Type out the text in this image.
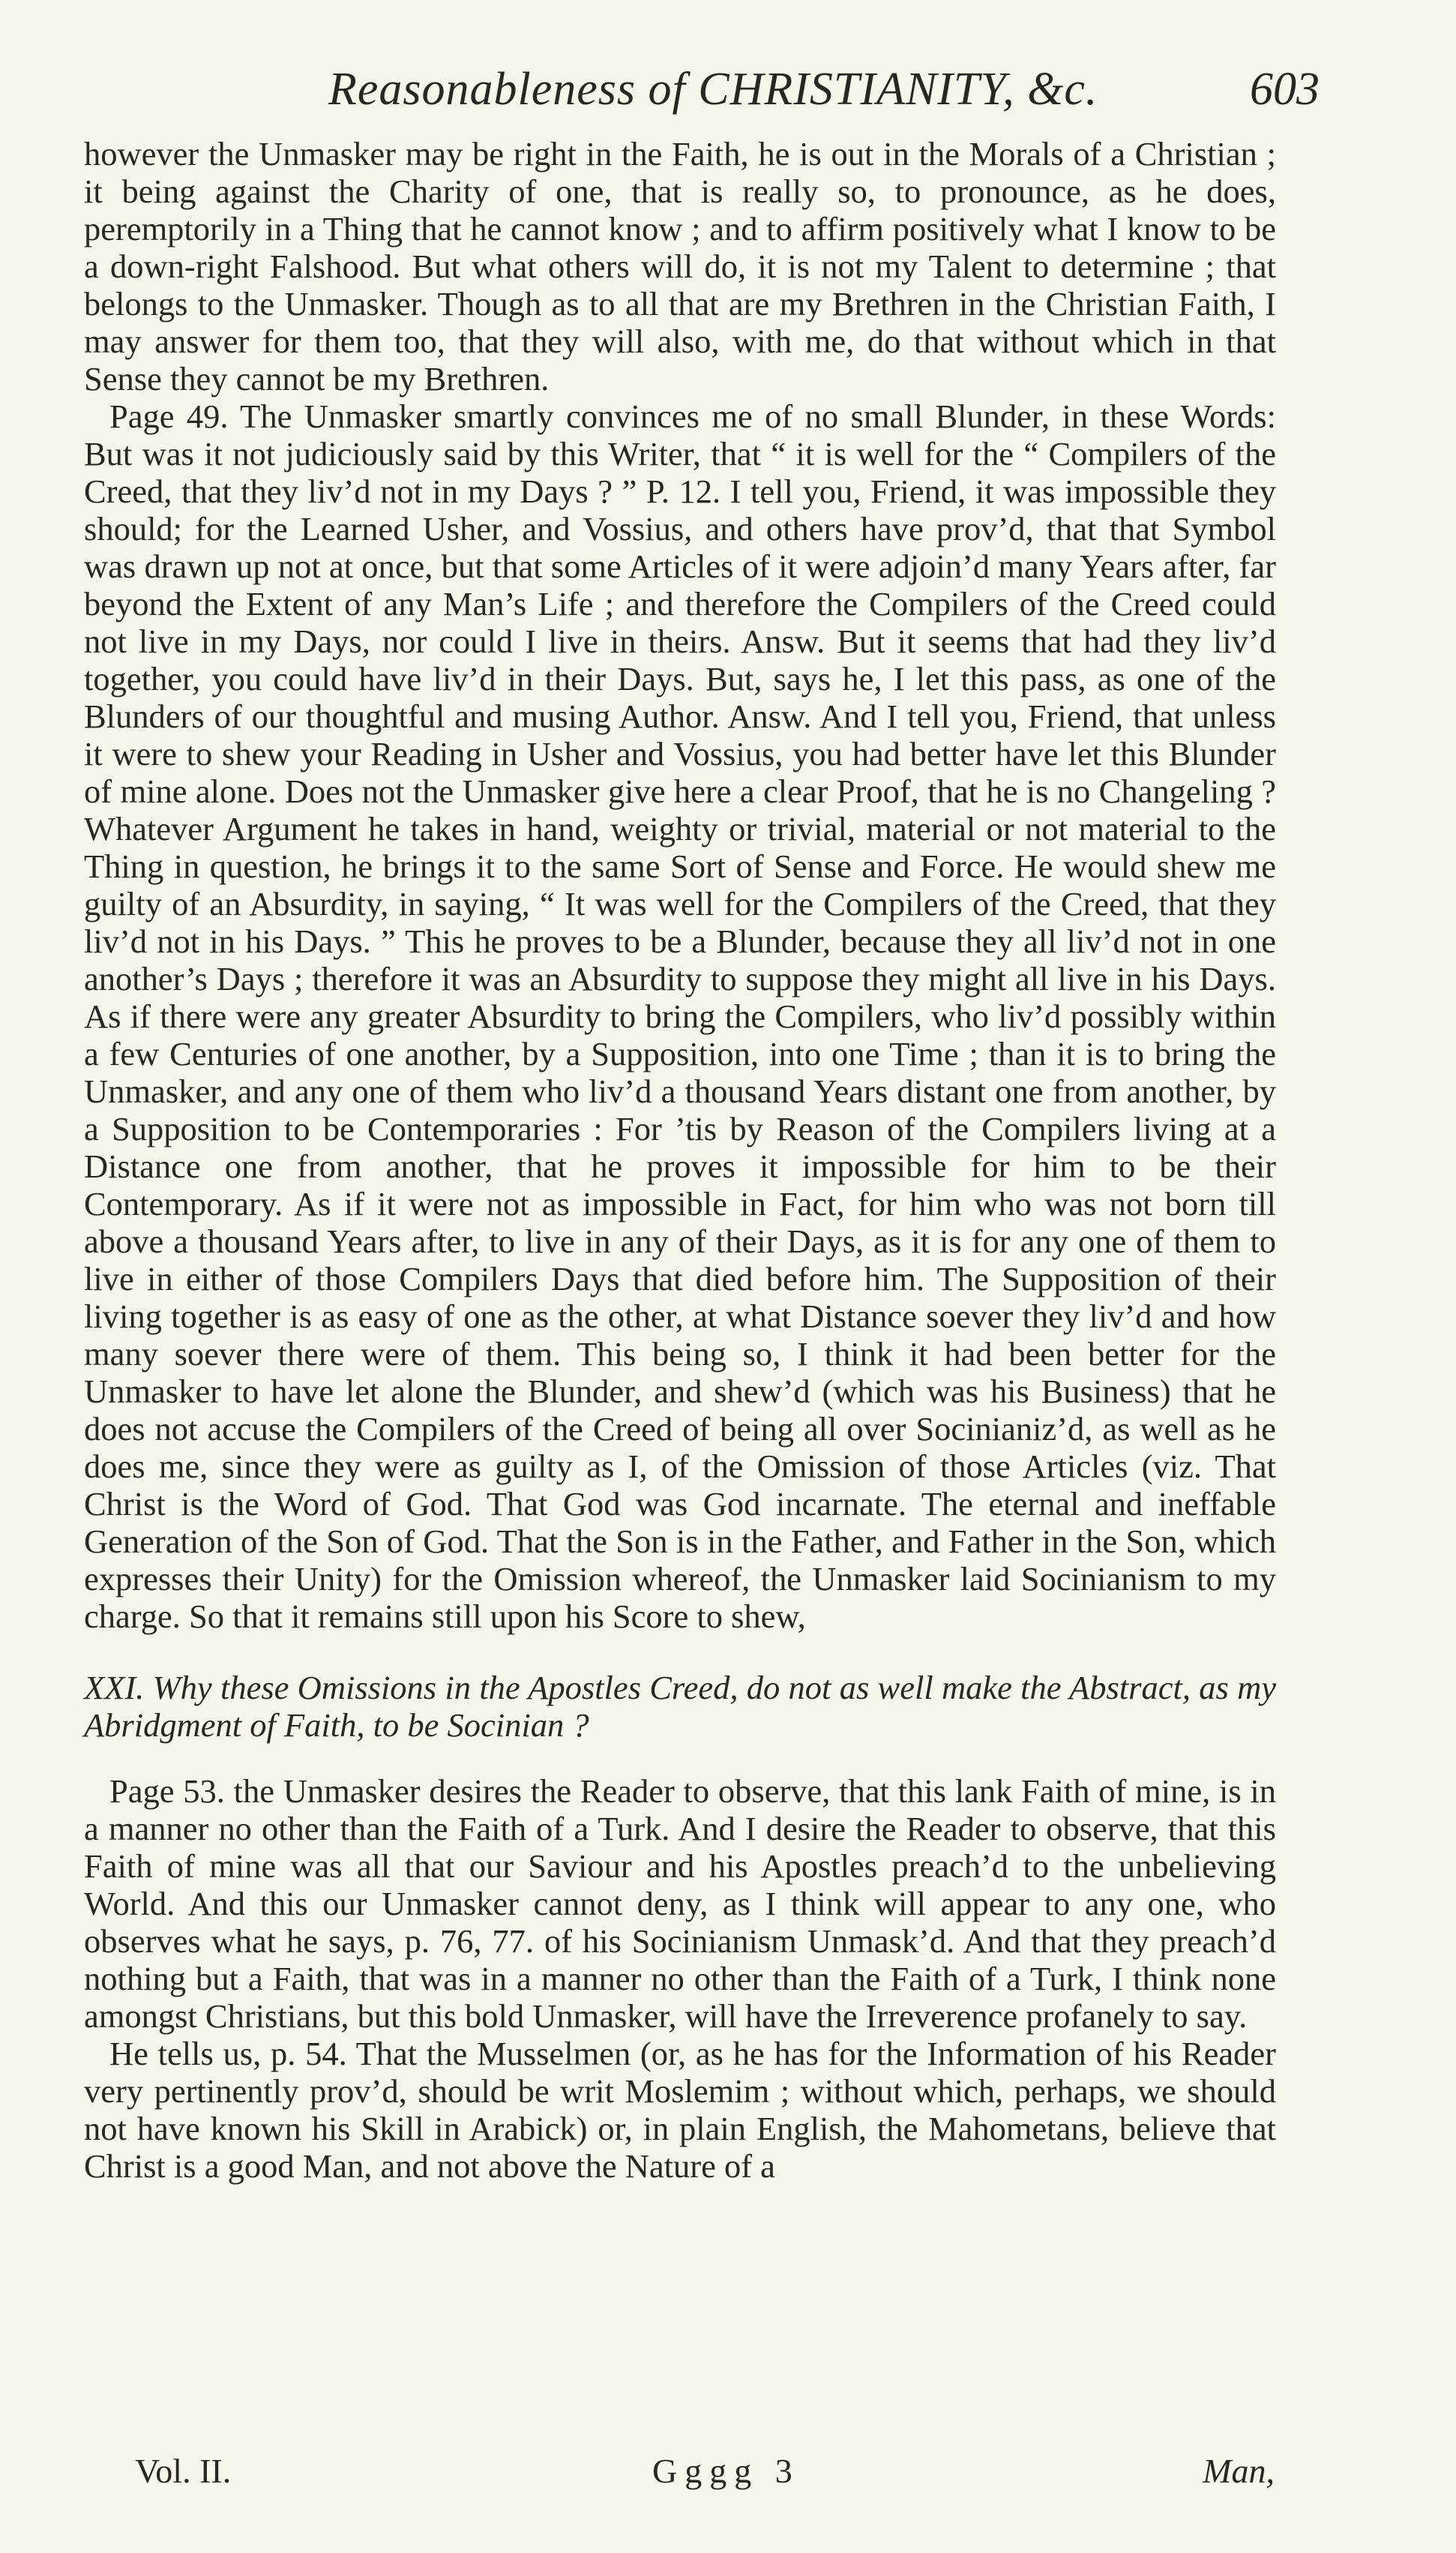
Reasonableness of CHRISTIANITY, &c.	603

however the Unmasker may be right in the Faith, he is out in the Morals of a Christian ; it being against the Charity of one, that is really so, to pronounce, as he does, peremptorily in a Thing that he cannot know ; and to affirm positively what I know to be a down-right Falshood. But what others will do, it is not my Talent to determine ; that belongs to the Unmasker. Though as to all that are my Brethren in the Christian Faith, I may answer for them too, that they will also, with me, do that without which in that Sense they cannot be my Brethren.

Page 49. The Unmasker smartly convinces me of no small Blunder, in these Words: But was it not judiciously said by this Writer, that “ it is well for the “ Compilers of the Creed, that they liv’d not in my Days ? ” P. 12. I tell you, Friend, it was impossible they should; for the Learned Usher, and Vossius, and others have prov’d, that that Symbol was drawn up not at once, but that some Articles of it were adjoin’d many Years after, far beyond the Extent of any Man’s Life ; and therefore the Compilers of the Creed could not live in my Days, nor could I live in theirs. Answ. But it seems that had they liv’d together, you could have liv’d in their Days. But, says he, I let this pass, as one of the Blunders of our thoughtful and musing Author. Answ. And I tell you, Friend, that unless it were to shew your Reading in Usher and Vossius, you had better have let this Blunder of mine alone. Does not the Unmasker give here a clear Proof, that he is no Changeling ? Whatever Argument he takes in hand, weighty or trivial, material or not material to the Thing in question, he brings it to the same Sort of Sense and Force. He would shew me guilty of an Absurdity, in saying, “ It was well for the Compilers of the Creed, that they liv’d not in his Days. ” This he proves to be a Blunder, because they all liv’d not in one another’s Days ; therefore it was an Absurdity to suppose they might all live in his Days. As if there were any greater Absurdity to bring the Compilers, who liv’d possibly within a few Centuries of one another, by a Supposition, into one Time ; than it is to bring the Unmasker, and any one of them who liv’d a thousand Years distant one from another, by a Supposition to be Contemporaries : For ’tis by Reason of the Compilers living at a Distance one from another, that he proves it impossible for him to be their Contemporary. As if it were not as impossible in Fact, for him who was not born till above a thousand Years after, to live in any of their Days, as it is for any one of them to live in either of those Compilers Days that died before him. The Supposition of their living together is as easy of one as the other, at what Distance soever they liv’d and how many soever there were of them. This being so, I think it had been better for the Unmasker to have let alone the Blunder, and shew’d (which was his Business) that he does not accuse the Compilers of the Creed of being all over Socinianiz’d, as well as he does me, since they were as guilty as I, of the Omission of those Articles (viz. That Christ is the Word of God. That God was God incarnate. The eternal and ineffable Generation of the Son of God. That the Son is in the Father, and Father in the Son, which expresses their Unity) for the Omission whereof, the Unmasker laid Socinianism to my charge. So that it remains still upon his Score to shew,

XXI. Why these Omissions in the Apostles Creed, do not as well make the Abstract, as my Abridgment of Faith, to be Socinian ?

Page 53. the Unmasker desires the Reader to observe, that this lank Faith of mine, is in a manner no other than the Faith of a Turk. And I desire the Reader to observe, that this Faith of mine was all that our Saviour and his Apostles preach’d to the unbelieving World. And this our Unmasker cannot deny, as I think will appear to any one, who observes what he says, p. 76, 77. of his Socinianism Unmask’d. And that they preach’d nothing but a Faith, that was in a manner no other than the Faith of a Turk, I think none amongst Christians, but this bold Unmasker, will have the Irreverence profanely to say.

He tells us, p. 54. That the Musselmen (or, as he has for the Information of his Reader very pertinently prov’d, should be writ Moslemim ; without which, perhaps, we should not have known his Skill in Arabick) or, in plain English, the Mahometans, believe that Christ is a good Man, and not above the Nature of a

Vol. II.	Gggg 3	Man,
